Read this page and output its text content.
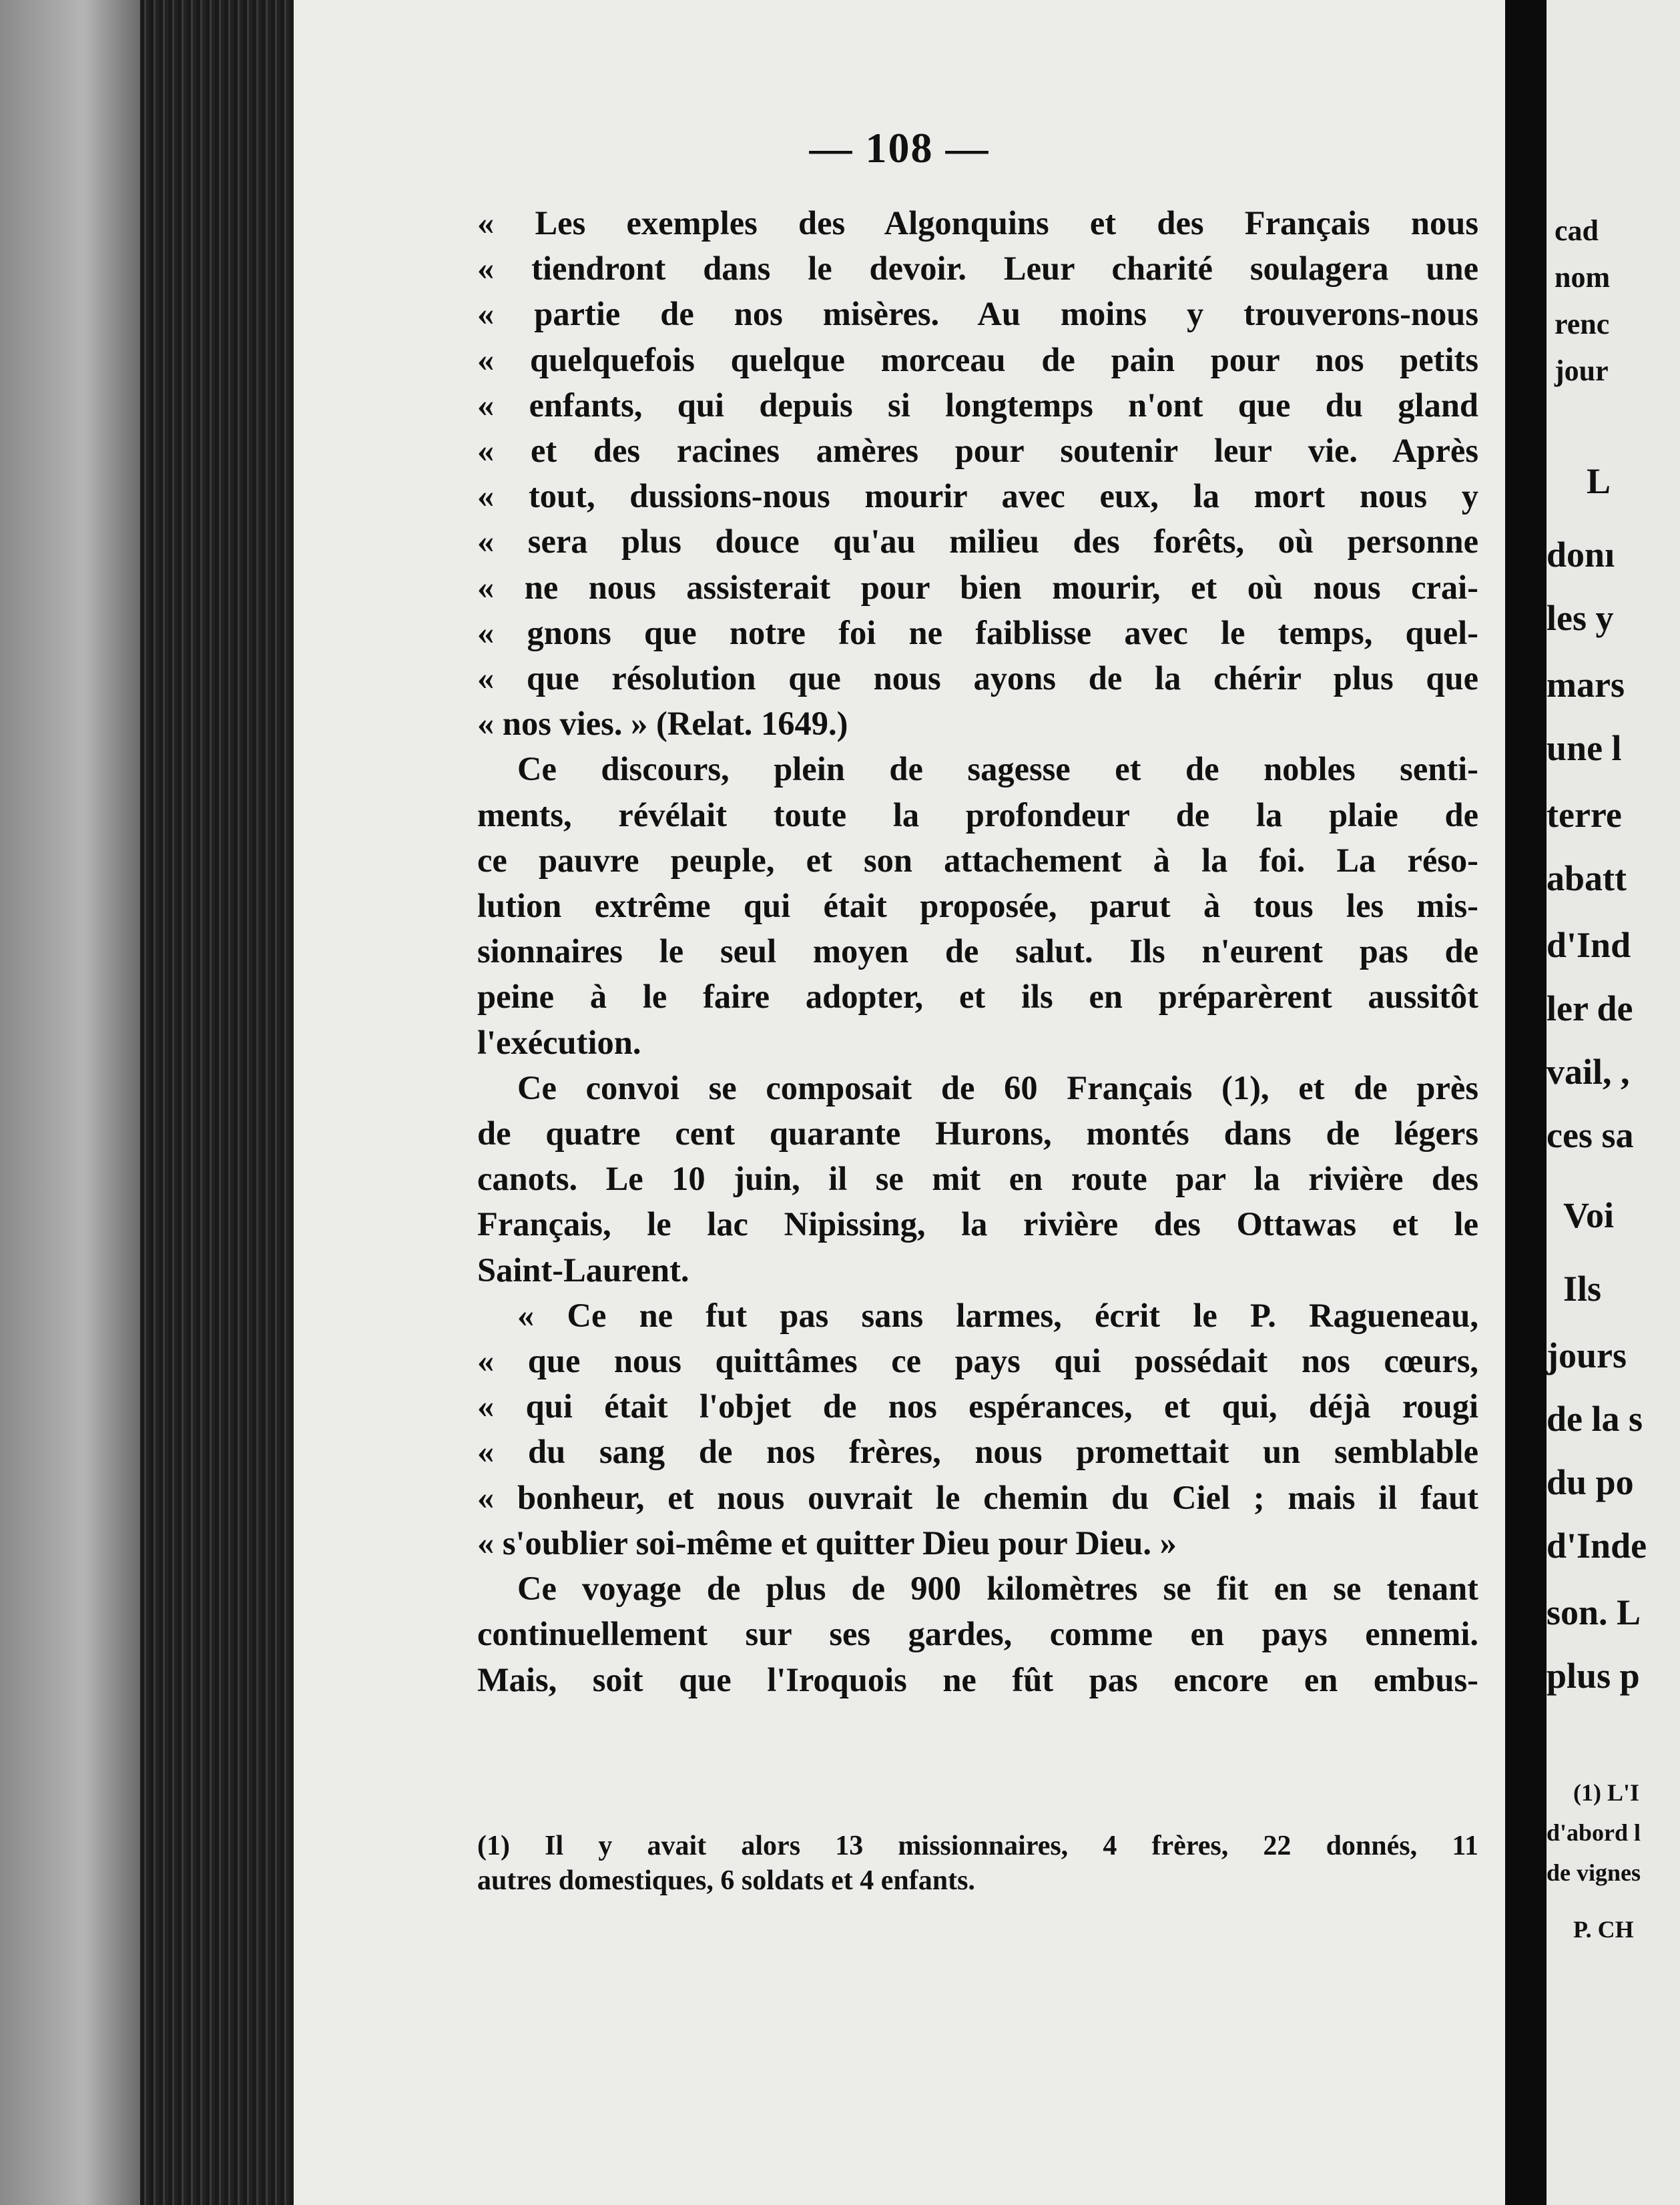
— 108 —
« Les exemples des Algonquins et des Français nous
« tiendront dans le devoir. Leur charité soulagera une
« partie de nos misères. Au moins y trouverons-nous
« quelquefois quelque morceau de pain pour nos petits
« enfants, qui depuis si longtemps n'ont que du gland
« et des racines amères pour soutenir leur vie. Après
« tout, dussions-nous mourir avec eux, la mort nous y
« sera plus douce qu'au milieu des forêts, où personne
« ne nous assisterait pour bien mourir, et où nous crai-
« gnons que notre foi ne faiblisse avec le temps, quel-
« que résolution que nous ayons de la chérir plus que
« nos vies. » (Relat. 1649.)
Ce discours, plein de sagesse et de nobles senti-
ments, révélait toute la profondeur de la plaie de
ce pauvre peuple, et son attachement à la foi. La réso-
lution extrême qui était proposée, parut à tous les mis-
sionnaires le seul moyen de salut. Ils n'eurent pas de
peine à le faire adopter, et ils en préparèrent aussitôt
l'exécution.
Ce convoi se composait de 60 Français (1), et de près
de quatre cent quarante Hurons, montés dans de légers
canots. Le 10 juin, il se mit en route par la rivière des
Français, le lac Nipissing, la rivière des Ottawas et le
Saint-Laurent.
« Ce ne fut pas sans larmes, écrit le P. Ragueneau,
« que nous quittâmes ce pays qui possédait nos cœurs,
« qui était l'objet de nos espérances, et qui, déjà rougi
« du sang de nos frères, nous promettait un semblable
« bonheur, et nous ouvrait le chemin du Ciel ; mais il faut
« s'oublier soi-même et quitter Dieu pour Dieu. »
Ce voyage de plus de 900 kilomètres se fit en se tenant
continuellement sur ses gardes, comme en pays ennemi.
Mais, soit que l'Iroquois ne fût pas encore en embus-
(1) Il y avait alors 13 missionnaires, 4 frères, 22 donnés, 11
autres domestiques, 6 soldats et 4 enfants.
cad
nom
renc
jour
L
donı
les y
mars
une l
terre
abatt
d'Ind
ler de
vail, ,
ces sa
Voi
Ils
jours
de la s
du po
d'Inde
son. L
plus p
(1) L'I
d'abord l
de vignes
P. CH
